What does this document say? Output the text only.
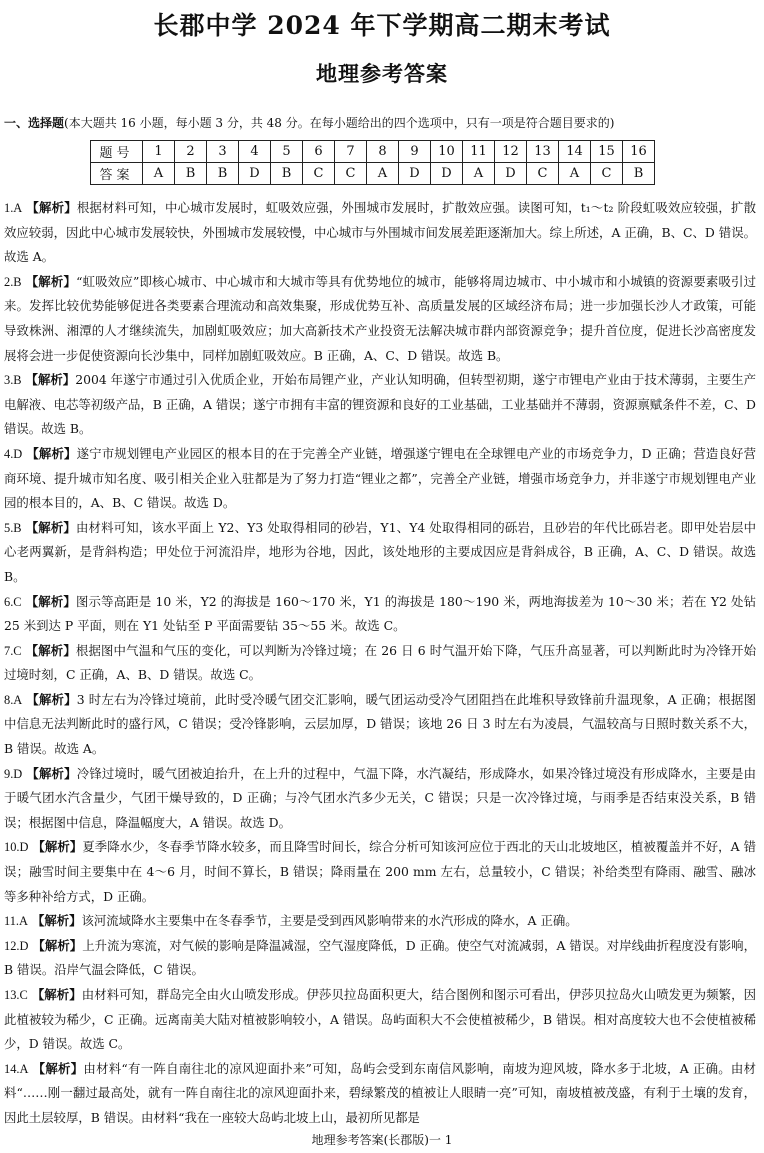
长郡中学 2024 年下学期高二期末考试
地理参考答案
一、选择题(本大题共 16 小题，每小题 3 分，共 48 分。在每小题给出的四个选项中，只有一项是符合题目要求的)
题号	1	2	3	4	5	6	7	8	9	10	11	12	13	14	15	16
答案	A	B	B	D	B	C	C	A	D	D	A	D	C	A	C	B

1.A 【解析】根据材料可知，中心城市发展时，虹吸效应强，外围城市发展时，扩散效应强。读图可知，t₁～t₂ 阶段虹吸效应较强，扩散效应较弱，因此中心城市发展较快，外围城市发展较慢，中心城市与外围城市间发展差距逐渐加大。综上所述，A 正确，B、C、D 错误。故选 A。

2.B 【解析】“虹吸效应”即核心城市、中心城市和大城市等具有优势地位的城市，能够将周边城市、中小城市和小城镇的资源要素吸引过来。发挥比较优势能够促进各类要素合理流动和高效集聚，形成优势互补、高质量发展的区域经济布局；进一步加强长沙人才政策，可能导致株洲、湘潭的人才继续流失，加剧虹吸效应；加大高新技术产业投资无法解决城市群内部资源竞争；提升首位度，促进长沙高密度发展将会进一步促使资源向长沙集中，同样加剧虹吸效应。B 正确，A、C、D 错误。故选 B。

3.B 【解析】2004 年遂宁市通过引入优质企业，开始布局锂产业，产业认知明确，但转型初期，遂宁市锂电产业由于技术薄弱，主要生产电解液、电芯等初级产品，B 正确，A 错误；遂宁市拥有丰富的锂资源和良好的工业基础，工业基础并不薄弱，资源禀赋条件不差，C、D 错误。故选 B。

4.D 【解析】遂宁市规划锂电产业园区的根本目的在于完善全产业链，增强遂宁锂电在全球锂电产业的市场竞争力，D 正确；营造良好营商环境、提升城市知名度、吸引相关企业入驻都是为了努力打造“锂业之都”，完善全产业链，增强市场竞争力，并非遂宁市规划锂电产业园的根本目的，A、B、C 错误。故选 D。

5.B 【解析】由材料可知，该水平面上 Y2、Y3 处取得相同的砂岩，Y1、Y4 处取得相同的砾岩，且砂岩的年代比砾岩老。即甲处岩层中心老两翼新，是背斜构造；甲处位于河流沿岸，地形为谷地，因此，该处地形的主要成因应是背斜成谷，B 正确，A、C、D 错误。故选 B。

6.C 【解析】图示等高距是 10 米，Y2 的海拔是 160～170 米，Y1 的海拔是 180～190 米，两地海拔差为 10～30 米；若在 Y2 处钻 25 米到达 P 平面，则在 Y1 处钻至 P 平面需要钻 35～55 米。故选 C。

7.C 【解析】根据图中气温和气压的变化，可以判断为冷锋过境；在 26 日 6 时气温开始下降，气压升高显著，可以判断此时为冷锋开始过境时刻，C 正确，A、B、D 错误。故选 C。

8.A 【解析】3 时左右为冷锋过境前，此时受冷暖气团交汇影响，暖气团运动受冷气团阻挡在此堆积导致锋前升温现象，A 正确；根据图中信息无法判断此时的盛行风，C 错误；受冷锋影响，云层加厚，D 错误；该地 26 日 3 时左右为凌晨，气温较高与日照时数关系不大，B 错误。故选 A。

9.D 【解析】冷锋过境时，暖气团被迫抬升，在上升的过程中，气温下降，水汽凝结，形成降水，如果冷锋过境没有形成降水，主要是由于暖气团水汽含量少，气团干燥导致的，D 正确；与冷气团水汽多少无关，C 错误；只是一次冷锋过境，与雨季是否结束没关系，B 错误；根据图中信息，降温幅度大，A 错误。故选 D。

10.D 【解析】夏季降水少，冬春季节降水较多，而且降雪时间长，综合分析可知该河应位于西北的天山北坡地区，植被覆盖并不好，A 错误；融雪时间主要集中在 4～6 月，时间不算长，B 错误；降雨量在 200 mm 左右，总量较小，C 错误；补给类型有降雨、融雪、融冰等多种补给方式，D 正确。

11.A 【解析】该河流域降水主要集中在冬春季节，主要是受到西风影响带来的水汽形成的降水，A 正确。

12.D 【解析】上升流为寒流，对气候的影响是降温减湿，空气湿度降低，D 正确。使空气对流减弱，A 错误。对岸线曲折程度没有影响，B 错误。沿岸气温会降低，C 错误。

13.C 【解析】由材料可知，群岛完全由火山喷发形成。伊莎贝拉岛面积更大，结合图例和图示可看出，伊莎贝拉岛火山喷发更为频繁，因此植被较为稀少，C 正确。远离南美大陆对植被影响较小，A 错误。岛屿面积大不会使植被稀少，B 错误。相对高度较大也不会使植被稀少，D 错误。故选 C。

14.A 【解析】由材料“有一阵自南往北的凉风迎面扑来”可知，岛屿会受到东南信风影响，南坡为迎风坡，降水多于北坡，A 正确。由材料“……刚一翻过最高处，就有一阵自南往北的凉风迎面扑来，碧绿繁茂的植被让人眼睛一亮”可知，南坡植被茂盛，有利于土壤的发育，因此土层较厚，B 错误。由材料“我在一座较大岛屿北坡上山，最初所见都是

地理参考答案(长郡版)一 1
